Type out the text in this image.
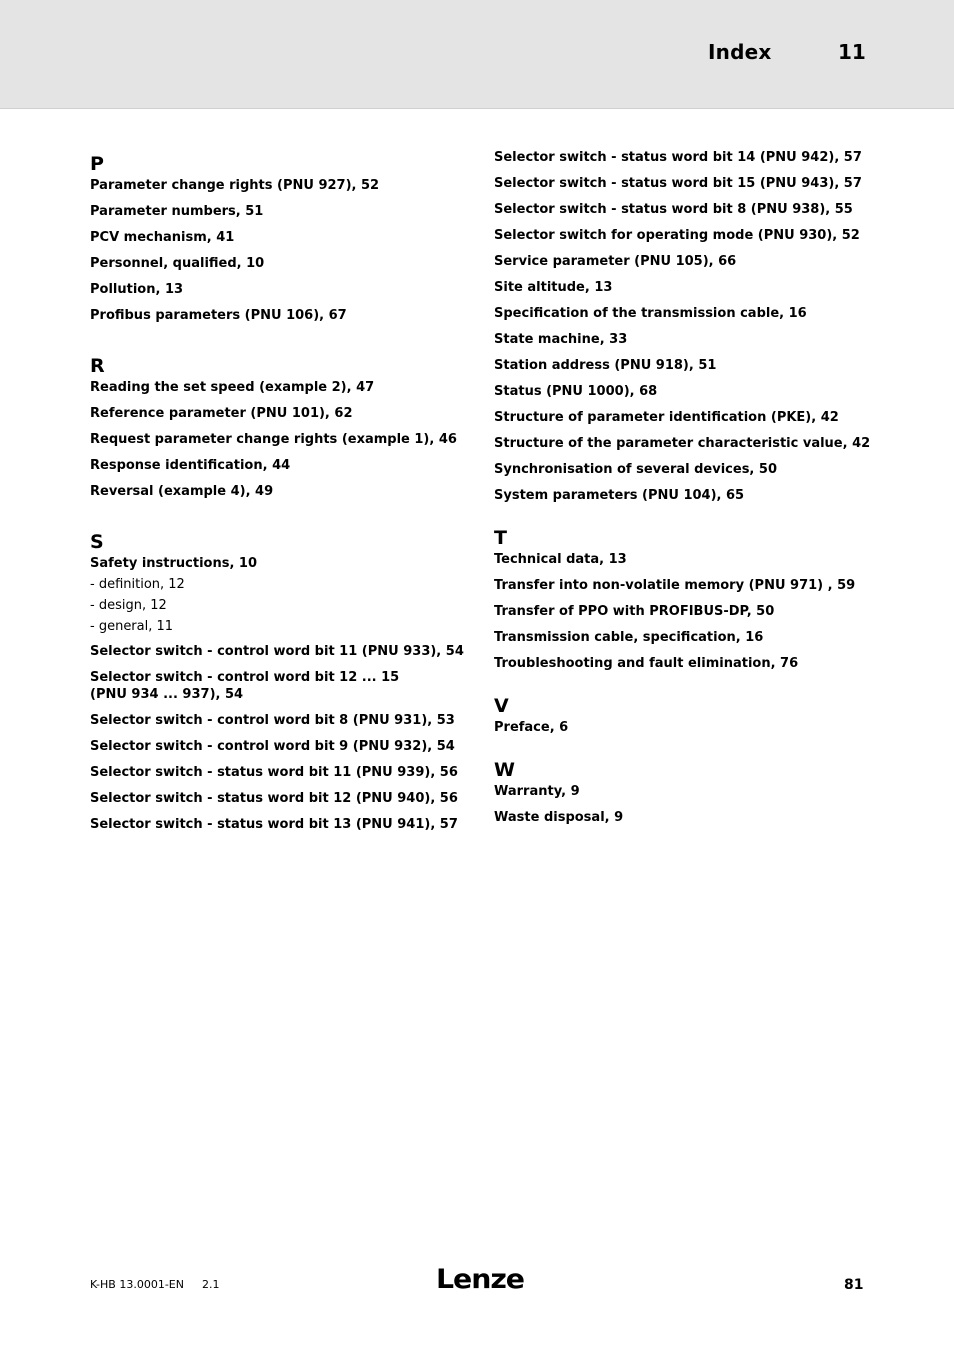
Index	11
P
Parameter change rights (PNU 927), 52
Parameter numbers, 51
PCV mechanism, 41
Personnel, qualified, 10
Pollution, 13
Profibus parameters (PNU 106), 67
R
Reading the set speed (example 2), 47
Reference parameter (PNU 101), 62
Request parameter change rights (example 1), 46
Response identification, 44
Reversal (example 4), 49
S
Safety instructions, 10
- definition, 12
- design, 12
- general, 11
Selector switch - control word bit 11 (PNU 933), 54
Selector switch - control word bit 12 ... 15
(PNU 934 ... 937), 54
Selector switch - control word bit 8 (PNU 931), 53
Selector switch - control word bit 9 (PNU 932), 54
Selector switch - status word bit 11 (PNU 939), 56
Selector switch - status word bit 12 (PNU 940), 56
Selector switch - status word bit 13 (PNU 941), 57
Selector switch - status word bit 14 (PNU 942), 57
Selector switch - status word bit 15 (PNU 943), 57
Selector switch - status word bit 8 (PNU 938), 55
Selector switch for operating mode (PNU 930), 52
Service parameter (PNU 105), 66
Site altitude, 13
Specification of the transmission cable, 16
State machine, 33
Station address (PNU 918), 51
Status (PNU 1000), 68
Structure of parameter identification (PKE), 42
Structure of the parameter characteristic value, 42
Synchronisation of several devices, 50
System parameters (PNU 104), 65
T
Technical data, 13
Transfer into non-volatile memory (PNU 971) , 59
Transfer of PPO with PROFIBUS-DP, 50
Transmission cable, specification, 16
Troubleshooting and fault elimination, 76
V
Preface, 6
W
Warranty, 9
Waste disposal, 9
K-HB 13.0001-EN 2.1	Lenze	81
